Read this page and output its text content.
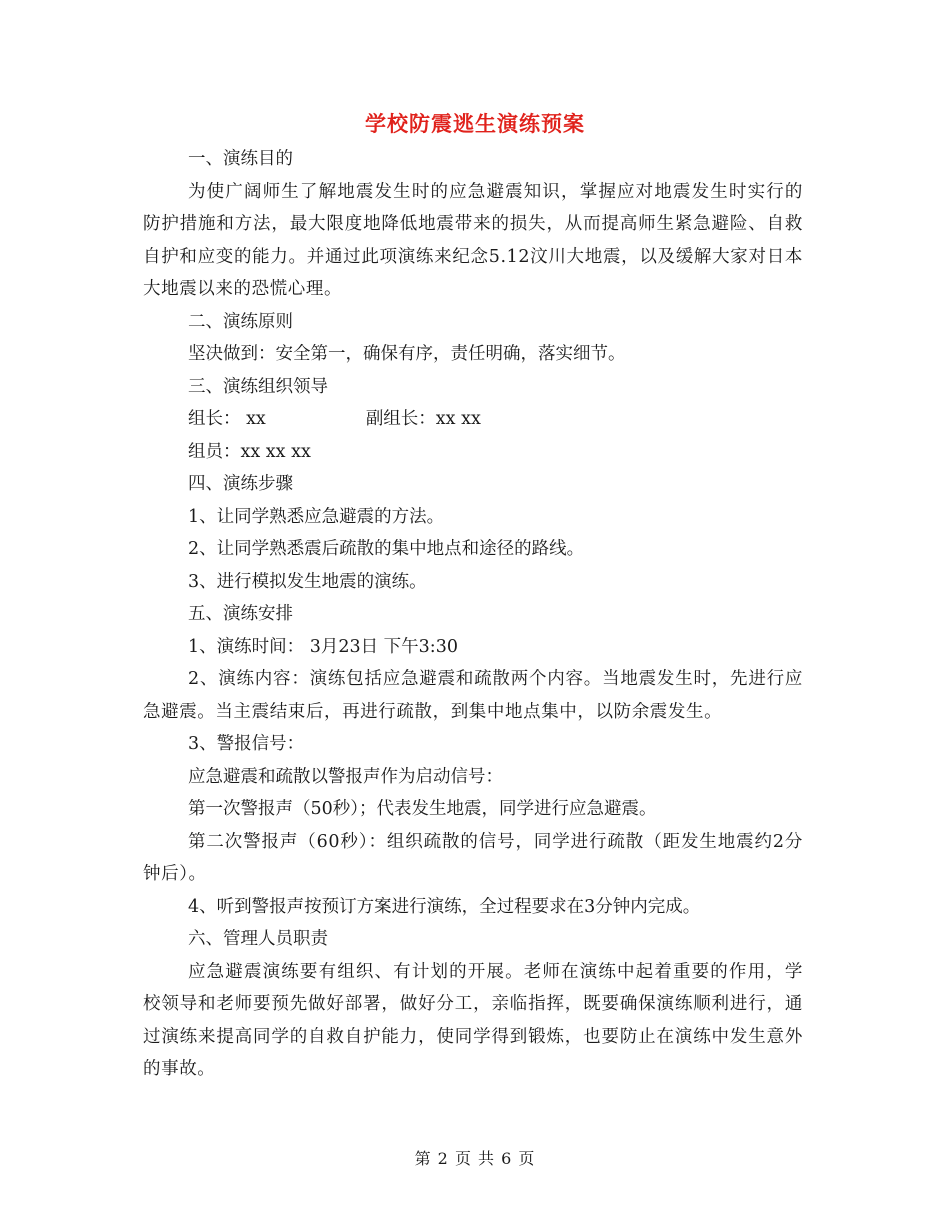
学校防震逃生演练预案

一、演练目的

为使广阔师生了解地震发生时的应急避震知识，掌握应对地震发生时实行的防护措施和方法，最大限度地降低地震带来的损失，从而提高师生紧急避险、自救自护和应变的能力。并通过此项演练来纪念5.12汶川大地震，以及缓解大家对日本大地震以来的恐慌心理。

二、演练原则

坚决做到：安全第一，确保有序，责任明确，落实细节。

三、演练组织领导

组长： xx	副组长：xx xx

组员：xx xx xx

四、演练步骤

1、让同学熟悉应急避震的方法。

2、让同学熟悉震后疏散的集中地点和途径的路线。

3、进行模拟发生地震的演练。

五、演练安排

1、演练时间： 3月23日 下午3:30

2、演练内容：演练包括应急避震和疏散两个内容。当地震发生时，先进行应急避震。当主震结束后，再进行疏散，到集中地点集中，以防余震发生。

3、警报信号：

应急避震和疏散以警报声作为启动信号：

第一次警报声（50秒）；代表发生地震，同学进行应急避震。

第二次警报声（60秒）：组织疏散的信号，同学进行疏散（距发生地震约2分钟后）。

4、听到警报声按预订方案进行演练，全过程要求在3分钟内完成。

六、管理人员职责

应急避震演练要有组织、有计划的开展。老师在演练中起着重要的作用，学校领导和老师要预先做好部署，做好分工，亲临指挥，既要确保演练顺利进行，通过演练来提高同学的自救自护能力，使同学得到锻炼，也要防止在演练中发生意外的事故。

第 2 页 共 6 页
